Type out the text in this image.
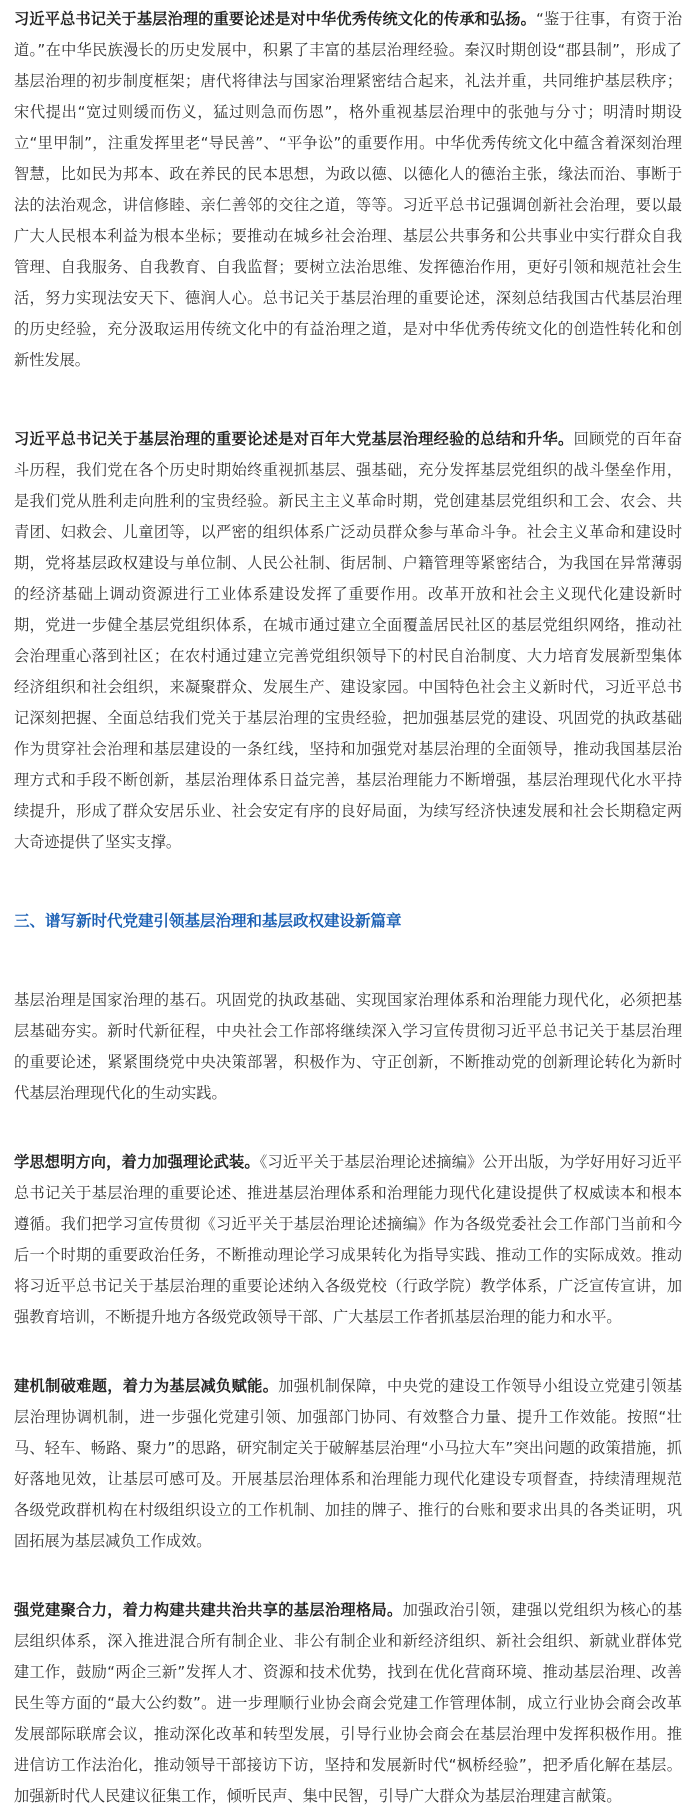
习近平总书记关于基层治理的重要论述是对中华优秀传统文化的传承和弘扬。“鉴于往事，有资于治道。”在中华民族漫长的历史发展中，积累了丰富的基层治理经验。秦汉时期创设“郡县制”，形成了基层治理的初步制度框架；唐代将律法与国家治理紧密结合起来，礼法并重，共同维护基层秩序；宋代提出“宽过则缓而伤义，猛过则急而伤恩”，格外重视基层治理中的张弛与分寸；明清时期设立“里甲制”，注重发挥里老“导民善”、“平争讼”的重要作用。中华优秀传统文化中蕴含着深刻治理智慧，比如民为邦本、政在养民的民本思想，为政以德、以德化人的德治主张，缘法而治、事断于法的法治观念，讲信修睦、亲仁善邻的交往之道，等等。习近平总书记强调创新社会治理，要以最广大人民根本利益为根本坐标；要推动在城乡社会治理、基层公共事务和公共事业中实行群众自我管理、自我服务、自我教育、自我监督；要树立法治思维、发挥德治作用，更好引领和规范社会生活，努力实现法安天下、德润人心。总书记关于基层治理的重要论述，深刻总结我国古代基层治理的历史经验，充分汲取运用传统文化中的有益治理之道，是对中华优秀传统文化的创造性转化和创新性发展。

习近平总书记关于基层治理的重要论述是对百年大党基层治理经验的总结和升华。回顾党的百年奋斗历程，我们党在各个历史时期始终重视抓基层、强基础，充分发挥基层党组织的战斗堡垒作用，是我们党从胜利走向胜利的宝贵经验。新民主主义革命时期，党创建基层党组织和工会、农会、共青团、妇救会、儿童团等，以严密的组织体系广泛动员群众参与革命斗争。社会主义革命和建设时期，党将基层政权建设与单位制、人民公社制、街居制、户籍管理等紧密结合，为我国在异常薄弱的经济基础上调动资源进行工业体系建设发挥了重要作用。改革开放和社会主义现代化建设新时期，党进一步健全基层党组织体系，在城市通过建立全面覆盖居民社区的基层党组织网络，推动社会治理重心落到社区；在农村通过建立完善党组织领导下的村民自治制度、大力培育发展新型集体经济组织和社会组织，来凝聚群众、发展生产、建设家园。中国特色社会主义新时代，习近平总书记深刻把握、全面总结我们党关于基层治理的宝贵经验，把加强基层党的建设、巩固党的执政基础作为贯穿社会治理和基层建设的一条红线，坚持和加强党对基层治理的全面领导，推动我国基层治理方式和手段不断创新，基层治理体系日益完善，基层治理能力不断增强，基层治理现代化水平持续提升，形成了群众安居乐业、社会安定有序的良好局面，为续写经济快速发展和社会长期稳定两大奇迹提供了坚实支撑。

三、谱写新时代党建引领基层治理和基层政权建设新篇章

基层治理是国家治理的基石。巩固党的执政基础、实现国家治理体系和治理能力现代化，必须把基层基础夯实。新时代新征程，中央社会工作部将继续深入学习宣传贯彻习近平总书记关于基层治理的重要论述，紧紧围绕党中央决策部署，积极作为、守正创新，不断推动党的创新理论转化为新时代基层治理现代化的生动实践。

学思想明方向，着力加强理论武装。《习近平关于基层治理论述摘编》公开出版，为学好用好习近平总书记关于基层治理的重要论述、推进基层治理体系和治理能力现代化建设提供了权威读本和根本遵循。我们把学习宣传贯彻《习近平关于基层治理论述摘编》作为各级党委社会工作部门当前和今后一个时期的重要政治任务，不断推动理论学习成果转化为指导实践、推动工作的实际成效。推动将习近平总书记关于基层治理的重要论述纳入各级党校（行政学院）教学体系，广泛宣传宣讲，加强教育培训，不断提升地方各级党政领导干部、广大基层工作者抓基层治理的能力和水平。

建机制破难题，着力为基层减负赋能。加强机制保障，中央党的建设工作领导小组设立党建引领基层治理协调机制，进一步强化党建引领、加强部门协同、有效整合力量、提升工作效能。按照“壮马、轻车、畅路、聚力”的思路，研究制定关于破解基层治理“小马拉大车”突出问题的政策措施，抓好落地见效，让基层可感可及。开展基层治理体系和治理能力现代化建设专项督查，持续清理规范各级党政群机构在村级组织设立的工作机制、加挂的牌子、推行的台账和要求出具的各类证明，巩固拓展为基层减负工作成效。

强党建聚合力，着力构建共建共治共享的基层治理格局。加强政治引领，建强以党组织为核心的基层组织体系，深入推进混合所有制企业、非公有制企业和新经济组织、新社会组织、新就业群体党建工作，鼓励“两企三新”发挥人才、资源和技术优势，找到在优化营商环境、推动基层治理、改善民生等方面的“最大公约数”。进一步理顺行业协会商会党建工作管理体制，成立行业协会商会改革发展部际联席会议，推动深化改革和转型发展，引导行业协会商会在基层治理中发挥积极作用。推进信访工作法治化，推动领导干部接访下访，坚持和发展新时代“枫桥经验”，把矛盾化解在基层。加强新时代人民建议征集工作，倾听民声、集中民智，引导广大群众为基层治理建言献策。
